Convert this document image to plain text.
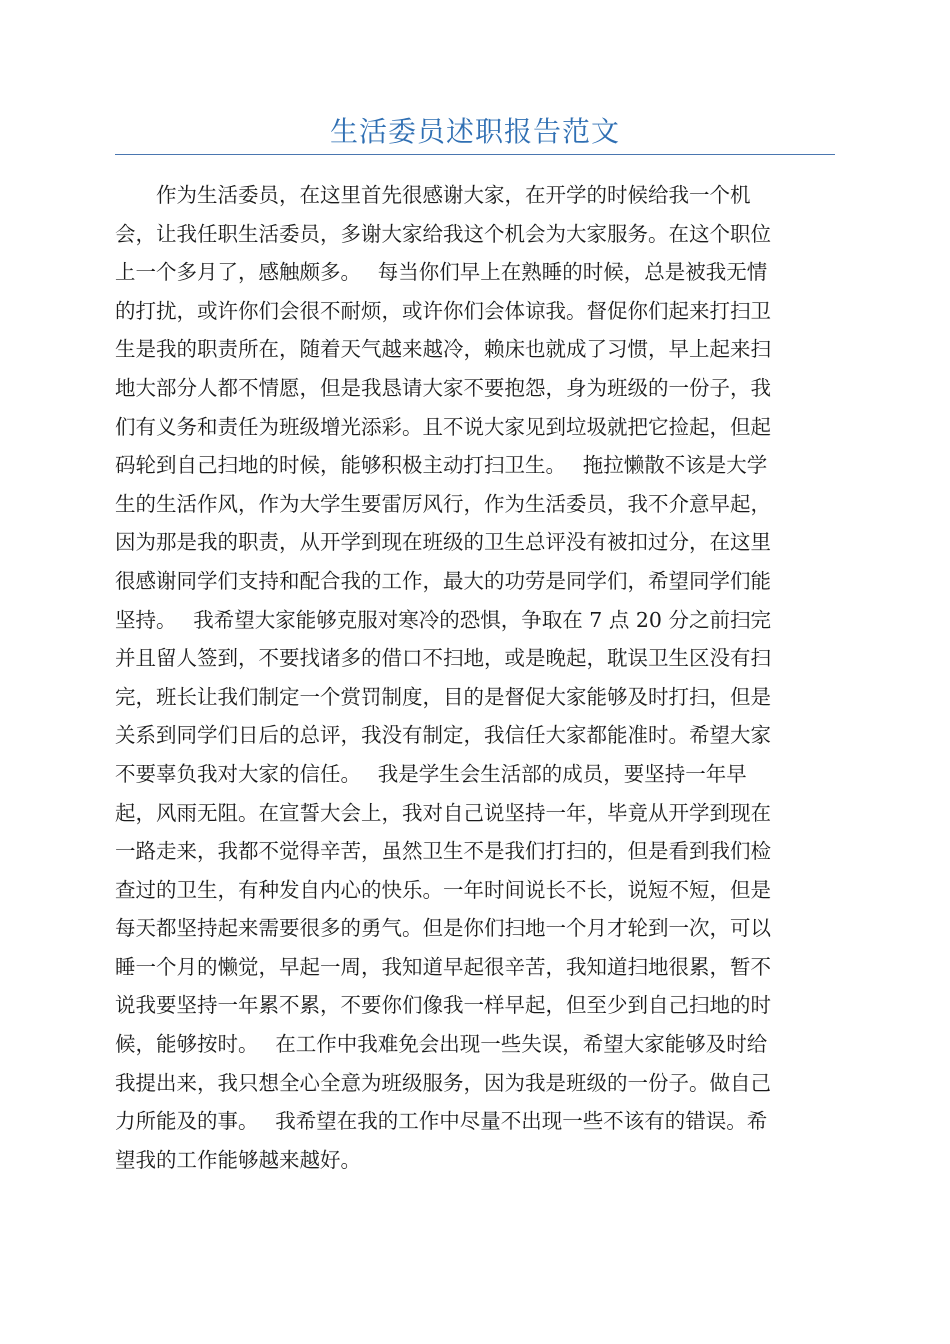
生活委员述职报告范文
　　作为生活委员，在这里首先很感谢大家，在开学的时候给我一个机
会，让我任职生活委员，多谢大家给我这个机会为大家服务。在这个职位
上一个多月了，感触颇多。　 每当你们早上在熟睡的时候，总是被我无情
的打扰，或许你们会很不耐烦，或许你们会体谅我。督促你们起来打扫卫
生是我的职责所在，随着天气越来越冷，赖床也就成了习惯，早上起来扫
地大部分人都不情愿，但是我恳请大家不要抱怨，身为班级的一份子，我
们有义务和责任为班级增光添彩。且不说大家见到垃圾就把它捡起，但起
码轮到自己扫地的时候，能够积极主动打扫卫生。　 拖拉懒散不该是大学
生的生活作风，作为大学生要雷厉风行，作为生活委员，我不介意早起，
因为那是我的职责，从开学到现在班级的卫生总评没有被扣过分，在这里
很感谢同学们支持和配合我的工作，最大的功劳是同学们，希望同学们能
坚持。　 我希望大家能够克服对寒冷的恐惧，争取在 7 点 20 分之前扫完
并且留人签到，不要找诸多的借口不扫地，或是晚起，耽误卫生区没有扫
完，班长让我们制定一个赏罚制度，目的是督促大家能够及时打扫，但是
关系到同学们日后的总评，我没有制定，我信任大家都能准时。希望大家
不要辜负我对大家的信任。　 我是学生会生活部的成员，要坚持一年早
起，风雨无阻。在宣誓大会上，我对自己说坚持一年，毕竟从开学到现在
一路走来，我都不觉得辛苦，虽然卫生不是我们打扫的，但是看到我们检
查过的卫生，有种发自内心的快乐。一年时间说长不长，说短不短，但是
每天都坚持起来需要很多的勇气。但是你们扫地一个月才轮到一次，可以
睡一个月的懒觉，早起一周，我知道早起很辛苦，我知道扫地很累，暂不
说我要坚持一年累不累，不要你们像我一样早起，但至少到自己扫地的时
候，能够按时。　 在工作中我难免会出现一些失误，希望大家能够及时给
我提出来，我只想全心全意为班级服务，因为我是班级的一份子。做自己
力所能及的事。　 我希望在我的工作中尽量不出现一些不该有的错误。希
望我的工作能够越来越好。
